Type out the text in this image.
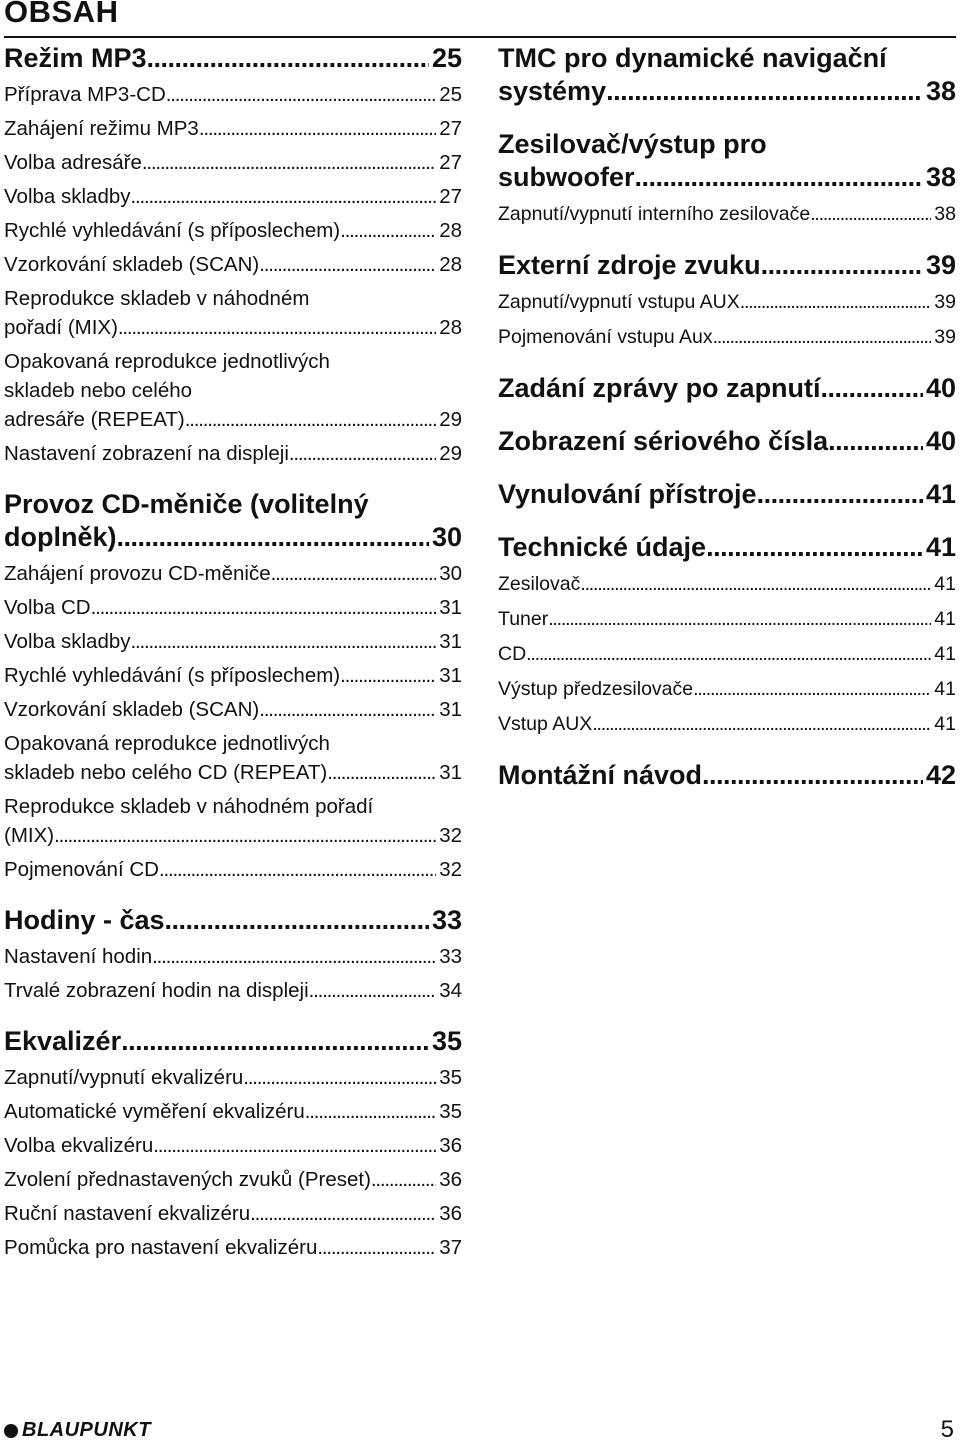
OBSAH
Režim MP3 .....	25
Příprava MP3-CD .....	25
Zahájení režimu MP3 .....	27
Volba adresáře .....	27
Volba skladby .....	27
Rychlé vyhledávání (s příposlechem) .....	28
Vzorkování skladeb (SCAN) .....	28
Reprodukce skladeb v náhodném
pořadí (MIX) .....	28
Opakovaná reprodukce jednotlivých
skladeb nebo celého
adresáře (REPEAT) .....	29
Nastavení zobrazení na displeji .....	29
Provoz CD-měniče (volitelný
doplněk) .....	30
Zahájení provozu CD-měniče .....	30
Volba CD .....	31
Volba skladby .....	31
Rychlé vyhledávání (s příposlechem) .....	31
Vzorkování skladeb (SCAN) .....	31
Opakovaná reprodukce jednotlivých
skladeb nebo celého CD (REPEAT) .....	31
Reprodukce skladeb v náhodném pořadí
(MIX) .....	32
Pojmenování CD .....	32
Hodiny - čas .....	33
Nastavení hodin .....	33
Trvalé zobrazení hodin na displeji .....	34
Ekvalizér .....	35
Zapnutí/vypnutí ekvalizéru .....	35
Automatické vyměření ekvalizéru .....	35
Volba ekvalizéru .....	36
Zvolení přednastavených zvuků (Preset) .....	36
Ruční nastavení ekvalizéru .....	36
Pomůcka pro nastavení ekvalizéru .....	37
TMC pro dynamické navigační
systémy .....	38
Zesilovač/výstup pro
subwoofer .....	38
Zapnutí/vypnutí interního zesilovače .....	38
Externí zdroje zvuku .....	39
Zapnutí/vypnutí vstupu AUX .....	39
Pojmenování vstupu Aux .....	39
Zadání zprávy po zapnutí .....	40
Zobrazení sériového čísla .....	40
Vynulování přístroje .....	41
Technické údaje .....	41
Zesilovač .....	41
Tuner .....	41
CD .....	41
Výstup předzesilovače .....	41
Vstup AUX .....	41
Montážní návod .....	42
BLAUPUNKT	5
